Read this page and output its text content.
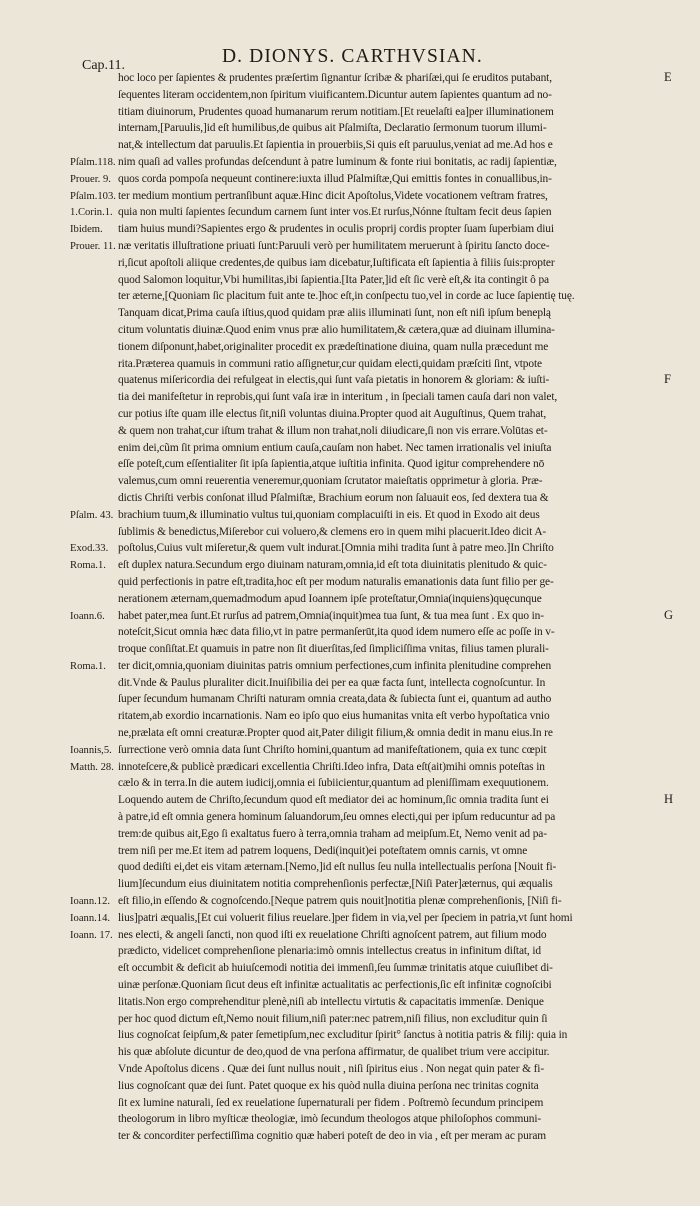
Cap.11.	D. DIONYS. CARTHVSIAN.
hoc loco per ſapientes & prudentes præſertim ſignantur ſcribæ & phariſæi,qui ſe eruditos putabant,
ſequentes literam occidentem,non ſpiritum viuificantem.Dicuntur autem ſapientes quantum ad no-
titiam diuinorum, Prudentes quoad humanarum rerum notitiam.[Et reuelaſti ea]per illuminationem
internam,[Paruulis,]id eſt humilibus,de quibus ait Pſalmiſta, Declaratio ſermonum tuorum illumi-
nat,& intellectum dat paruulis.Et ſapientia in prouerbiis,Si quis eſt paruulus,veniat ad me.Ad hos e
nim quaſi ad valles profundas deſcendunt à patre luminum & fonte riui bonitatis, ac radij ſapientiæ,
quos corda pompoſa nequeunt continere:iuxta illud Pſalmiſtæ,Qui emittis fontes in conuallibus,in-
ter medium montium pertranſibunt aquæ.Hinc dicit Apoſtolus,Videte vocationem veſtram fratres,
quia non multi ſapientes ſecundum carnem ſunt inter vos.Et rurſus,Nónne ſtultam fecit deus ſapien
tiam huius mundi?Sapientes ergo & prudentes in oculis proprij cordis propter ſuam ſuperbiam diui
næ veritatis illuſtratione priuati ſunt:Paruuli verò per humilitatem meruerunt à ſpiritu ſancto doce-
ri,ſicut apoſtoli aliique credentes,de quibus iam dicebatur,Iuſtificata eſt ſapientia à filiis ſuis:propter
quod Salomon loquitur,Vbi humilitas,ibi ſapientia.[Ita Pater,]id eſt ſic verè eſt,& ita contingit ô pa
ter æterne,[Quoniam ſic placitum fuit ante te.]hoc eſt,in conſpectu tuo,vel in corde ac luce ſapientię tuę.
Tanquam dicat,Prima cauſa iſtius,quod quidam præ aliis illuminati ſunt, non eſt niſi ipſum beneplą
citum voluntatis diuinæ.Quod enim vnus præ alio humilitatem,& cætera,quæ ad diuinam illumina-
tionem diſponunt,habet,originaliter procedit ex prædeſtinatione diuina, quam nulla præcedunt me
rita.Præterea quamuis in communi ratio aſſignetur,cur quidam electi,quidam præſciti ſint, vtpote
quatenus miſericordia dei refulgeat in electis,qui ſunt vaſa pietatis in honorem & gloriam: & iuſti-
tia dei manifeſtetur in reprobis,qui ſunt vaſa iræ in interitum , in ſpeciali tamen cauſa dari non valet,
cur potius iſte quam ille electus ſit,niſi voluntas diuina.Propter quod ait Auguſtinus, Quem trahat,
& quem non trahat,cur iſtum trahat & illum non trahat,noli diiudicare,ſi non vis errare.Volūtas et-
enim dei,cũm ſit prima omnium entium cauſa,cauſam non habet. Nec tamen irrationalis vel iniuſta
eſſe poteſt,cum eſſentialiter ſit ipſa ſapientia,atque iuſtitia infinita. Quod igitur comprehendere nō
valemus,cum omni reuerentia veneremur,quoniam ſcrutator maieſtatis opprimetur à gloria. Præ-
dictis Chriſti verbis conſonat illud Pſalmiſtæ, Brachium eorum non ſaluauit eos, ſed dextera tua &
brachium tuum,& illuminatio vultus tui,quoniam complacuiſti in eis. Et quod in Exodo ait deus
ſublimis & benedictus,Miſerebor cui voluero,& clemens ero in quem mihi placuerit.Ideo dicit A-
poſtolus,Cuius vult miſeretur,& quem vult indurat.[Omnia mihi tradita ſunt à patre meo.]In Chriſto
eſt duplex natura.Secundum ergo diuinam naturam,omnia,id eſt tota diuinitatis plenitudo & quic-
quid perfectionis in patre eſt,tradita,hoc eſt per modum naturalis emanationis data ſunt filio per ge-
nerationem æternam,quemadmodum apud Ioannem ipſe proteſtatur,Omnia(inquiens)quęcunque
habet pater,mea ſunt.Et rurſus ad patrem,Omnia(inquit)mea tua ſunt, & tua mea ſunt . Ex quo in-
noteſcit,Sicut omnia hæc data filio,vt in patre permanſerūt,ita quod idem numero eſſe ac poſſe in v-
troque conſiſtat.Et quamuis in patre non ſit diuerſitas,ſed ſimpliciſſima vnitas, filius tamen plurali-
ter dicit,omnia,quoniam diuinitas patris omnium perfectiones,cum infinita plenitudine comprehen
dit.Vnde & Paulus pluraliter dicit.Inuiſibilia dei per ea quæ facta ſunt, intellecta cognoſcuntur. In
ſuper ſecundum humanam Chriſti naturam omnia creata,data & ſubiecta ſunt ei, quantum ad autho
ritatem,ab exordio incarnationis. Nam eo ipſo quo eius humanitas vnita eſt verbo hypoſtatica vnio
ne,prælata eſt omni creaturæ.Propter quod ait,Pater diligit filium,& omnia dedit in manu eius.In re
ſurrectione verò omnia data ſunt Chriſto homini,quantum ad manifeſtationem, quia ex tunc cœpit
innoteſcere,& publicè prædicari excellentia Chriſti.Ideo infra, Data eſt(ait)mihi omnis poteſtas in
cælo & in terra.In die autem iudicij,omnia ei ſubiicientur,quantum ad pleniſſimam exequutionem.
Loquendo autem de Chriſto,ſecundum quod eſt mediator dei ac hominum,ſic omnia tradita ſunt ei
à patre,id eſt omnia genera hominum ſaluandorum,ſeu omnes electi,qui per ipſum reducuntur ad pa
trem:de quibus ait,Ego ſi exaltatus fuero à terra,omnia traham ad meipſum.Et, Nemo venit ad pa-
trem niſi per me.Et item ad patrem loquens, Dedi(inquit)ei poteſtatem omnis carnis, vt omne
quod dediſti ei,det eis vitam æternam.[Nemo,]id eſt nullus ſeu nulla intellectualis perſona [Nouit fi-
lium]ſecundum eius diuinitatem notitia comprehenſionis perfectæ,[Niſi Pater]æternus, qui æqualis
eſt filio,in eſſendo & cognoſcendo.[Neque patrem quis nouit]notitia plenæ comprehenſionis, [Niſi fi-
lius]patri æqualis,[Et cui voluerit filius reuelare.]per fidem in via,vel per ſpeciem in patria,vt ſunt homi
nes electi, & angeli ſancti, non quod iſti ex reuelatione Chriſti agnoſcent patrem, aut filium modo
prædicto, videlicet comprehenſione plenaria:imò omnis intellectus creatus in infinitum diſtat, id
eſt occumbit & deficit ab huiuſcemodi notitia dei immenſi,ſeu ſummæ trinitatis atque cuiuſlibet di-
uinæ perſonæ.Quoniam ſicut deus eſt infinitæ actualitatis ac perfectionis,ſic eſt infinitæ cognoſcibi
litatis.Non ergo comprehenditur plenè,niſi ab intellectu virtutis & capacitatis immenſæ. Denique
per hoc quod dictum eſt,Nemo nouit filium,niſi pater:nec patrem,niſi filius, non excluditur quin ſi
lius cognoſcat ſeipſum,& pater ſemetipſum,nec excluditur ſpirit° ſanctus à notitia patris & filij: quia in
his quæ abſolute dicuntur de deo,quod de vna perſona affirmatur, de qualibet trium vere accipitur.
Vnde Apoſtolus dicens . Quæ dei ſunt nullus nouit , niſi ſpiritus eius . Non negat quin pater & fi-
lius cognoſcant quæ dei ſunt. Patet quoque ex his quòd nulla diuina perſona nec trinitas cognita
ſit ex lumine naturali, ſed ex reuelatione ſupernaturali per fidem . Poſtremò ſecundum principem
theologorum in libro myſticæ theologiæ, imò ſecundum theologos atque philoſophos communi-
ter & concorditer perfectiſſima cognitio quæ haberi poteſt de deo in via , eſt per meram ac puram
Pſalm.118.
Prouer. 9.
Pſalm.103.
1.Corin.1.
Ibidem.
Prouer. 11.
Pſalm. 43.
Exod.33.
Roma.1.
Ioann.6.
Roma.1.
Ioannis,5.
Matth. 28.
Ioann.12.
Ioann.14.
Ioann. 17.
E
F
G
H
